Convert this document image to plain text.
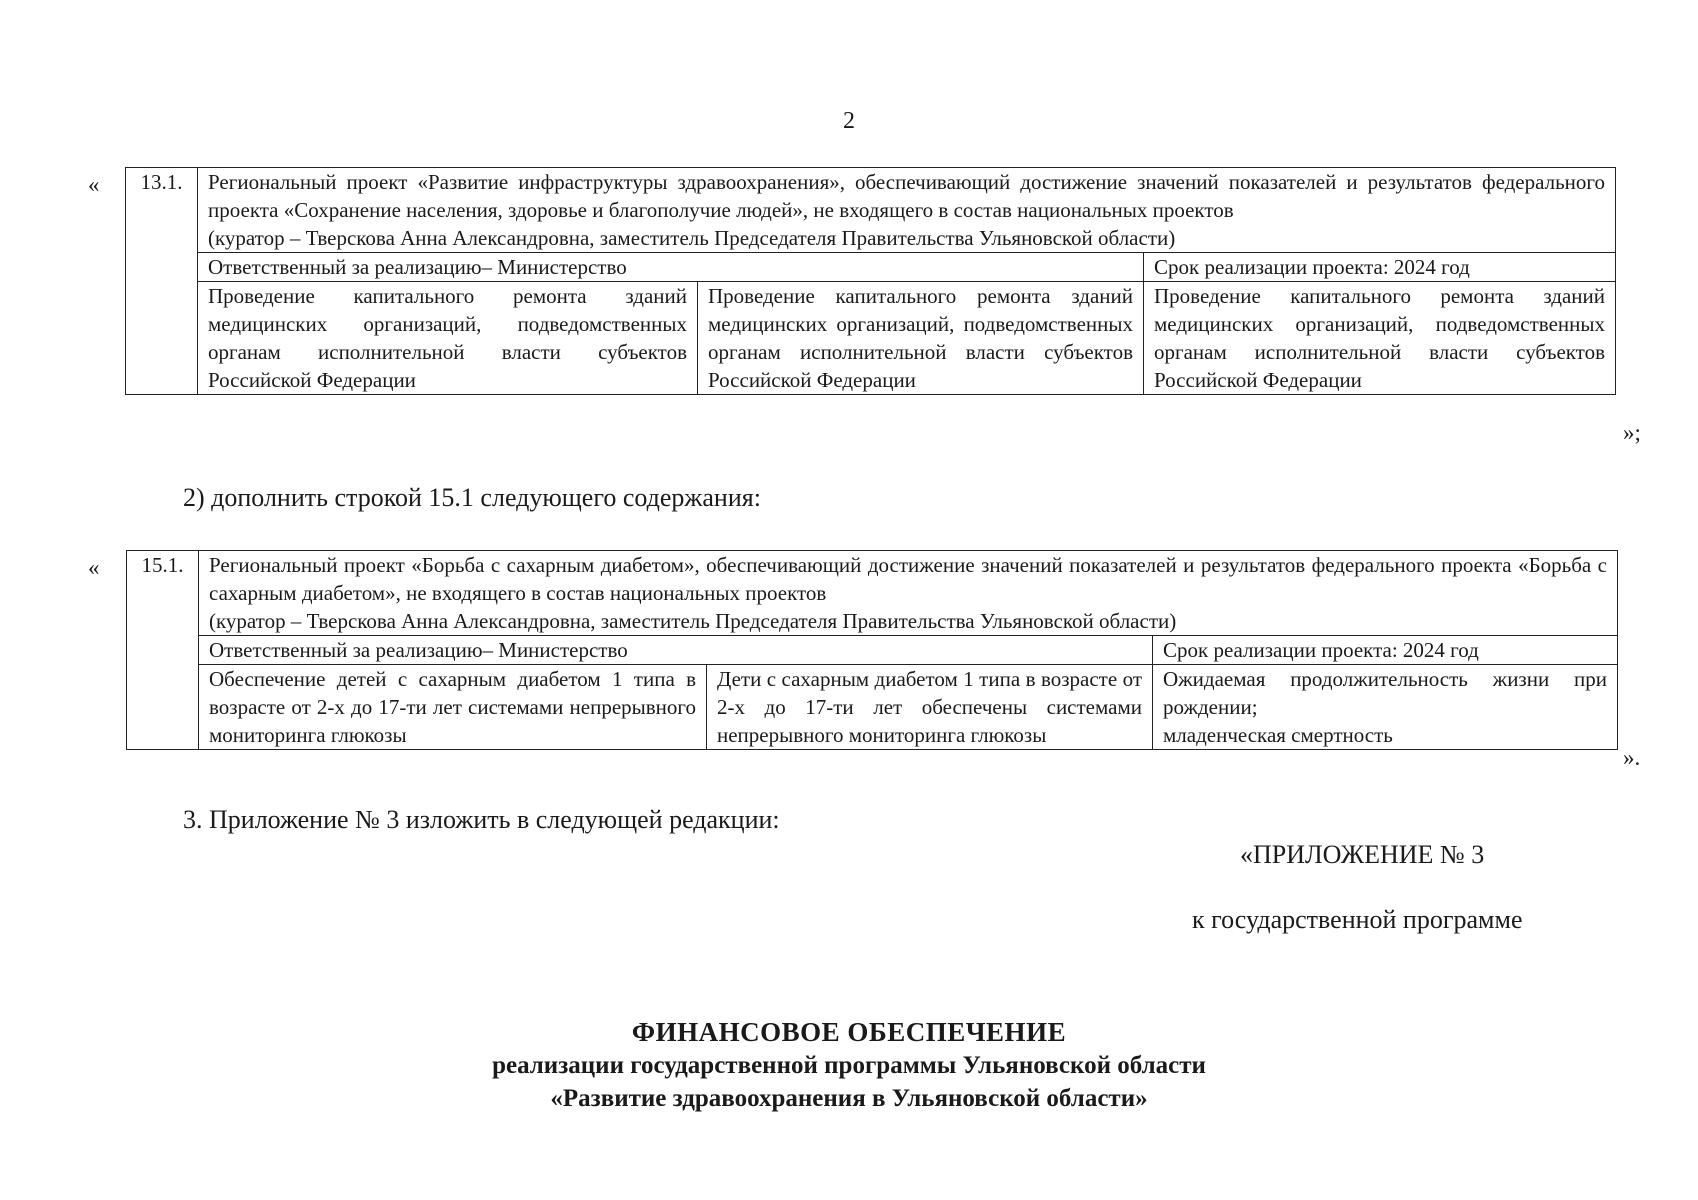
2
« 13.1.	Региональный проект «Развитие инфраструктуры здравоохранения», обеспечивающий достижение значений показателей и результатов федерального проекта «Сохранение населения, здоровье и благополучие людей», не входящего в состав национальных проектов
(куратор – Тверскова Анна Александровна, заместитель Председателя Правительства Ульяновской области)		

	Ответственный за реализацию– Министерство		Срок реализации проекта: 2024 год
	Проведение капитального ремонта зданий медицинских организаций, подведомственных органам исполнительной власти субъектов Российской Федерации	Проведение капитального ремонта зданий медицинских организаций, подведомственных органам исполнительной власти субъектов Российской Федерации	Проведение капитального ремонта зданий медицинских организаций, подведомственных органам исполнительной власти субъектов Российской Федерации
»;
2) дополнить строкой 15.1 следующего содержания:
« 15.1.	Региональный проект «Борьба с сахарным диабетом», обеспечивающий достижение значений показателей и результатов федерального проекта «Борьба с сахарным диабетом», не входящего в состав национальных проектов
(куратор – Тверскова Анна Александровна, заместитель Председателя Правительства Ульяновской области)		

	Ответственный за реализацию– Министерство		Срок реализации проекта: 2024 год
	Обеспечение детей с сахарным диабетом 1 типа в возрасте от 2-х до 17-ти лет системами непрерывного мониторинга глюкозы	Дети с сахарным диабетом 1 типа в возрасте от 2-х до 17-ти лет обеспечены системами непрерывного мониторинга глюкозы	Ожидаемая продолжительность жизни при рождении;
младенческая смертность
».
3. Приложение № 3 изложить в следующей редакции:
«ПРИЛОЖЕНИЕ № 3
к государственной программе
ФИНАНСОВОЕ ОБЕСПЕЧЕНИЕ
реализации государственной программы Ульяновской области
«Развитие здравоохранения в Ульяновской области»
